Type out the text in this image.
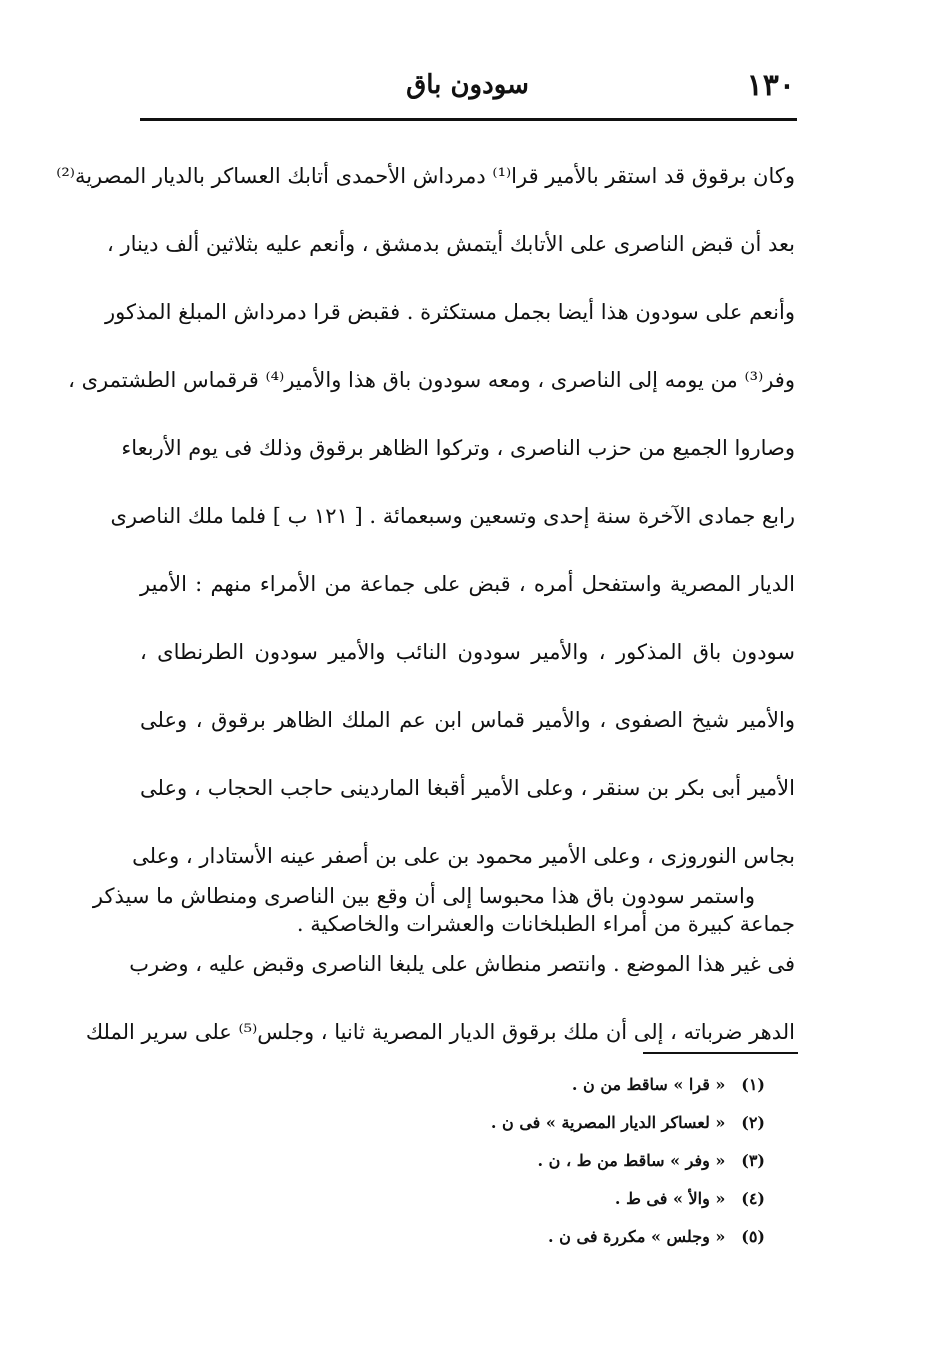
١٣٠
سودون باق
وكان برقوق قد استقر بالأمير قرا⁽¹⁾ دمرداش الأحمدى أتابك العساكر بالديار المصرية⁽²⁾
بعد أن قبض الناصرى على الأتابك أيتمش بدمشق ، وأنعم عليه بثلاثين ألف دينار ،
وأنعم على سودون هذا أيضا بجمل مستكثرة . فقبض قرا دمرداش المبلغ المذكور
وفر⁽³⁾ من يومه إلى الناصرى ، ومعه سودون باق هذا والأمير⁽⁴⁾ قرقماس الطشتمرى ،
وصاروا الجميع من حزب الناصرى ، وتركوا الظاهر برقوق وذلك فى يوم الأربعاء
رابع جمادى الآخرة سنة إحدى وتسعين وسبعمائة . [ ١٢١ ب ] فلما ملك الناصرى
الديار المصرية واستفحل أمره ، قبض على جماعة من الأمراء منهم : الأمير
سودون باق المذكور ، والأمير سودون النائب والأمير سودون الطرنطاى ،
والأمير شيخ الصفوى ، والأمير قماس ابن عم الملك الظاهر برقوق ، وعلى
الأمير أبى بكر بن سنقر ، وعلى الأمير أقبغا الماردينى حاجب الحجاب ، وعلى
بجاس النوروزى ، وعلى الأمير محمود بن على بن أصفر عينه الأستادار ، وعلى
جماعة كبيرة من أمراء الطبلخانات والعشرات والخاصكية .
واستمر سودون باق هذا محبوسا إلى أن وقع بين الناصرى ومنطاش ما سيذكر
فى غير هذا الموضع . وانتصر منطاش على يلبغا الناصرى وقبض عليه ، وضرب
الدهر ضرباته ، إلى أن ملك برقوق الديار المصرية ثانيا ، وجلس⁽⁵⁾ على سرير الملك
(١) « قرا » ساقط من ن .
(٢) « لعساكر الديار المصرية » فى ن .
(٣) « وفر » ساقط من ط ، ن .
(٤) « والأ » فى ط .
(٥) « وجلس » مكررة فى ن .
